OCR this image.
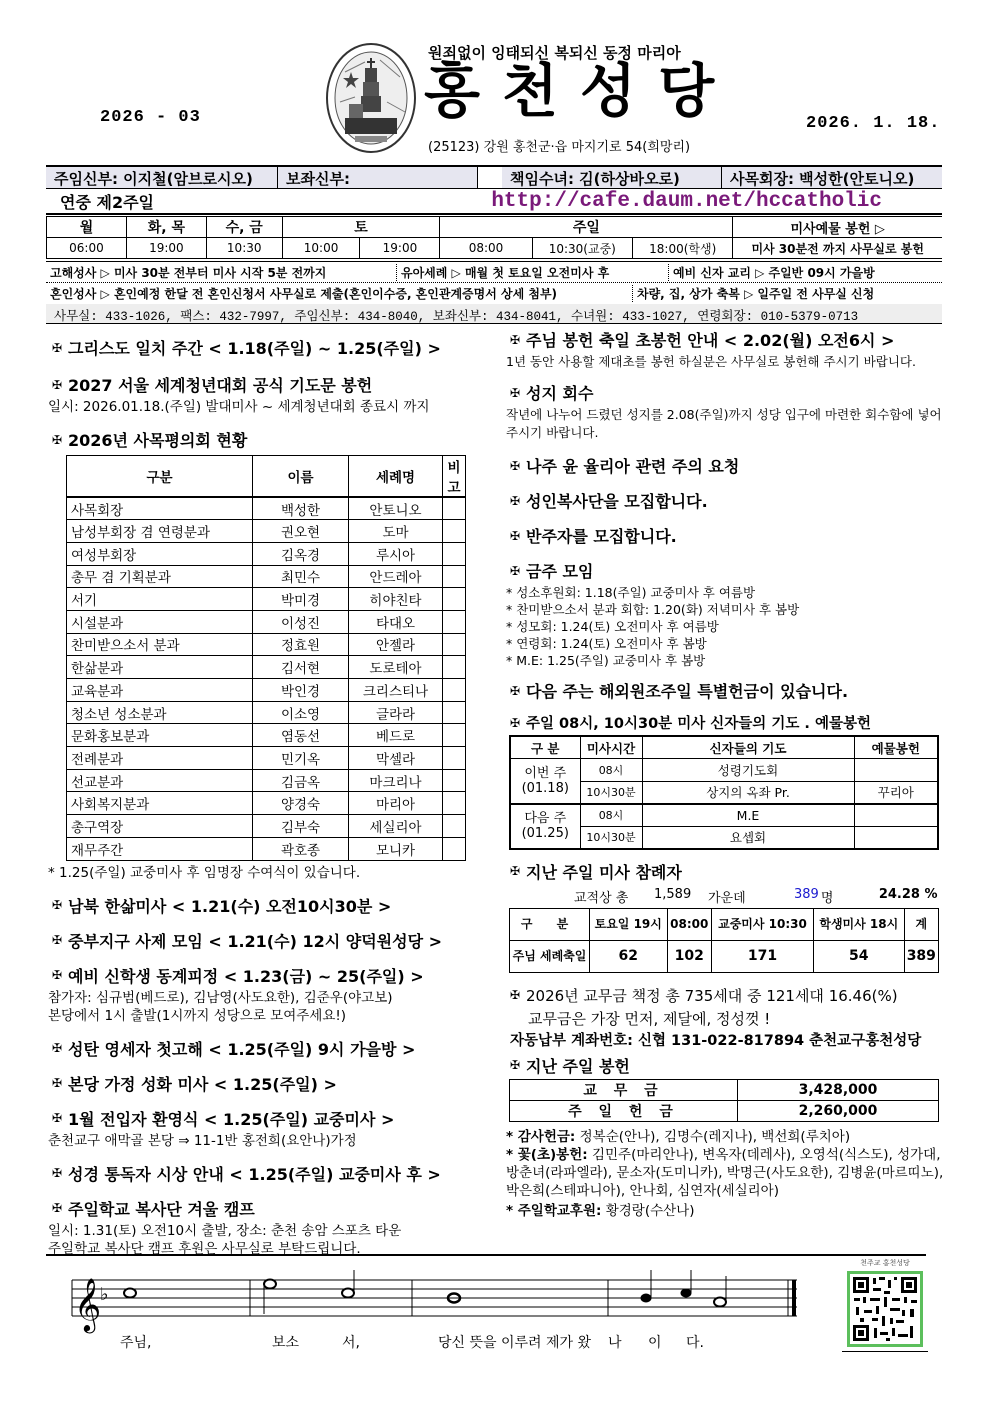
2026 - 03
원죄없이 잉태되신 복되신 동정 마리아
홍천성당
(25123) 강원 홍천군·읍 마지기로 54(희망리)
2026. 1. 18.
주임신부: 이지철(암브로시오)	보좌신부:	책임수녀: 김(하상바오로)	사목회장: 백성한(안토니오)
연중 제2주일	http://cafe.daum.net/hccatholic
월	화, 목	수, 금	토		주일			미사예물 봉헌 ▷
06:00	19:00	10:30	10:00	19:00	08:00	10:30(교중)	18:00(학생)	미사 30분전 까지 사무실로 봉헌
고해성사 ▷ 미사 30분 전부터 미사 시작 5분 전까지	유아세례 ▷ 매월 첫 토요일 오전미사 후	예비 신자 교리 ▷ 주일반 09시 가을방
혼인성사 ▷ 혼인예정 한달 전 혼인신청서 사무실로 제출(혼인이수증, 혼인관계증명서 상세 첨부)	차량, 집, 상가 축복 ▷ 일주일 전 사무실 신청
사무실: 433-1026, 팩스: 432-7997, 주임신부: 434-8040, 보좌신부: 434-8041, 수녀원: 433-1027, 연령회장: 010-5379-0713
✠ 그리스도 일치 주간 < 1.18(주일) ~ 1.25(주일) >
✠ 2027 서울 세계청년대회 공식 기도문 봉헌
일시: 2026.01.18.(주일) 발대미사 ~ 세계청년대회 종료시 까지
✠ 2026년 사목평의회 현황
구분	이름	세례명	비고
사목회장	백성한	안토니오	
남성부회장 겸 연령분과	권오현	도마	
여성부회장	김옥경	루시아	
총무 겸 기획분과	최민수	안드레아	
서기	박미경	히야친타	
시설분과	이성진	타대오	
찬미받으소서 분과	정효원	안젤라	
한삶분과	김서현	도로테아	
교육분과	박인경	크리스티나	
청소년 성소분과	이소영	글라라	
문화홍보분과	염동선	베드로	
전례분과	민기옥	막셀라	
선교분과	김금옥	마크리나	
사회복지분과	양경숙	마리아	
총구역장	김부숙	세실리아	
재무주간	곽호종	모니카	
* 1.25(주일) 교중미사 후 임명장 수여식이 있습니다.
✠ 남북 한삶미사 < 1.21(수) 오전10시30분 >
✠ 중부지구 사제 모임 < 1.21(수) 12시 양덕원성당 >
✠ 예비 신학생 동계피정 < 1.23(금) ~ 25(주일) >
참가자: 심규범(베드로), 김남영(사도요한), 김준우(야고보)
본당에서 1시 출발(1시까지 성당으로 모여주세요!)
✠ 성탄 영세자 첫고해 < 1.25(주일) 9시 가을방 >
✠ 본당 가정 성화 미사 < 1.25(주일) >
✠ 1월 전입자 환영식 < 1.25(주일) 교중미사 >
춘천교구 애막골 본당 ⇒ 11-1반 홍전희(요안나)가정
✠ 성경 통독자 시상 안내 < 1.25(주일) 교중미사 후 >
✠ 주일학교 복사단 겨울 캠프
일시: 1.31(토) 오전10시 출발, 장소: 춘천 송암 스포츠 타운
주일학교 복사단 캠프 후원은 사무실로 부탁드립니다.
✠ 주님 봉헌 축일 초봉헌 안내 < 2.02(월) 오전6시 >
1년 동안 사용할 제대초를 봉헌 하실분은 사무실로 봉헌해 주시기 바랍니다.
✠ 성지 회수
작년에 나누어 드렸던 성지를 2.08(주일)까지 성당 입구에 마련한 회수함에 넣어 주시기 바랍니다.
✠ 나주 윤 율리아 관련 주의 요청
✠ 성인복사단을 모집합니다.
✠ 반주자를 모집합니다.
✠ 금주 모임
* 성소후원회: 1.18(주일) 교중미사 후 여름방
* 찬미받으소서 분과 회합: 1.20(화) 저녁미사 후 봄방
* 성모회: 1.24(토) 오전미사 후 여름방
* 연령회: 1.24(토) 오전미사 후 봄방
* M.E: 1.25(주일) 교중미사 후 봄방
✠ 다음 주는 해외원조주일 특별헌금이 있습니다.
✠ 주일 08시, 10시30분 미사 신자들의 기도 . 예물봉헌
구 분	미사시간	신자들의 기도	예물봉헌

이번 주
(01.18)	08시	성령기도회	
	10시30분	상지의 옥좌 Pr.	꾸리아

다음 주
(01.25)	08시	M.E	
	10시30분	요셉회	
✠ 지난 주일 미사 참례자
교적상 총	1,589	가운데	389 명	24.28 %
구 분	토요일 19시	08:00	교중미사 10:30	학생미사 18시	계
주님 세례축일	62	102	171	54	389
✠ 2026년 교무금 책정 총 735세대 중 121세대 16.46(%)
교무금은 가장 먼저, 제달에, 정성껏 !
자동납부 계좌번호: 신협 131-022-817894 춘천교구홍천성당
✠ 지난 주일 봉헌
교 무 금	3,428,000
주 일 헌 금	2,260,000
* 감사헌금: 정복순(안나), 김명수(레지나), 백선희(루치아)
* 꽃(초)봉헌: 김민주(마리안나), 변옥자(데레사), 오영석(식스도), 성가대, 방춘녀(라파엘라), 문소자(도미니카), 박명근(사도요한), 김병윤(마르띠노), 박은희(스테파니아), 안나회, 심연자(세실리아)
* 주일학교후원: 황경랑(수산나)
𝄞
♭
주님,	보소	서,	당신 뜻을 이루려 제가 왔 나 이 다.
천주교 홍천성당
